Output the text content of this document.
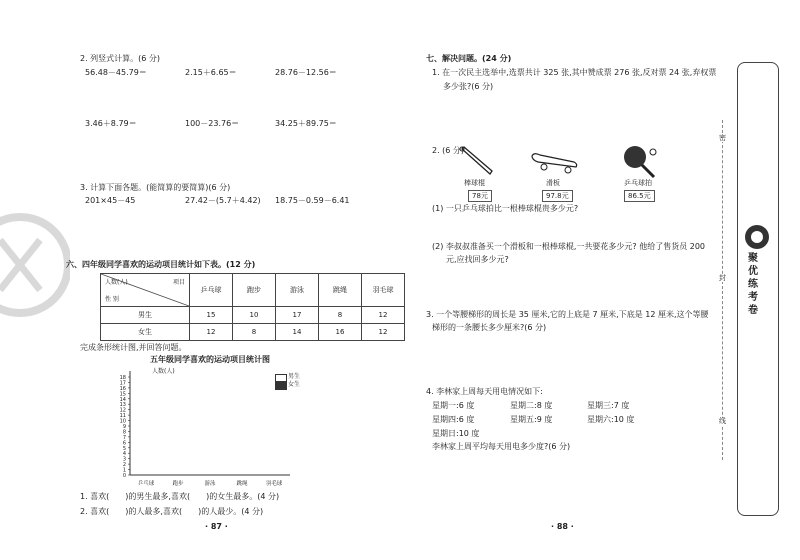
2. 列竖式计算。(6 分)
56.48－45.79＝	2.15＋6.65＝	28.76－12.56＝
3.46＋8.79＝	100－23.76＝	34.25＋89.75＝
3. 计算下面各题。(能简算的要简算)(6 分)
201×45－45	27.42－(5.7＋4.42) 18.75－0.59－6.41
六、四年级同学喜欢的运动项目统计如下表。(12 分)
人数(人) 项目
性 别	乒乓球	跑步	游泳	跳绳	羽毛球

男生	15	10	17	8	12
女生	12	8	14	16	12
完成条形统计图,并回答问题。
五年级同学喜欢的运动项目统计图
18
17
16
15
14
13
12
11
10
9
8
7
6
5
4
3
2
1
0
乒乓球	跑步	游泳	跳绳	羽毛球
人数(人)
男生
女生
1. 喜欢(　　)的男生最多,喜欢(　　)的女生最多。(4 分)
2. 喜欢(　　)的人最多,喜欢(　　)的人最少。(4 分)
· 87 ·
七、解决问题。(24 分)
1. 在一次民主选举中,选票共计 325 张,其中赞成票 276 张,反对票 24 张,弃权票
多少张?(6 分)
2. (6 分)
棒球棍
78元
滑板
97.8元
乒乓球拍
86.5元
(1) 一只乒乓球拍比一根棒球棍贵多少元?
(2) 李叔叔准备买一个滑板和一根棒球棍,一共要花多少元? 他给了售货员 200
元,应找回多少元?
3. 一个等腰梯形的周长是 35 厘米,它的上底是 7 厘米,下底是 12 厘米,这个等腰
梯形的一条腰长多少厘米?(6 分)
4. 李林家上周每天用电情况如下:
星期一:6 度	星期二:8 度	星期三:7 度
星期四:6 度	星期五:9 度	星期六:10 度
星期日:10 度
李林家上周平均每天用电多少度?(6 分)
· 88 ·
密
封
线
聚优练考卷
